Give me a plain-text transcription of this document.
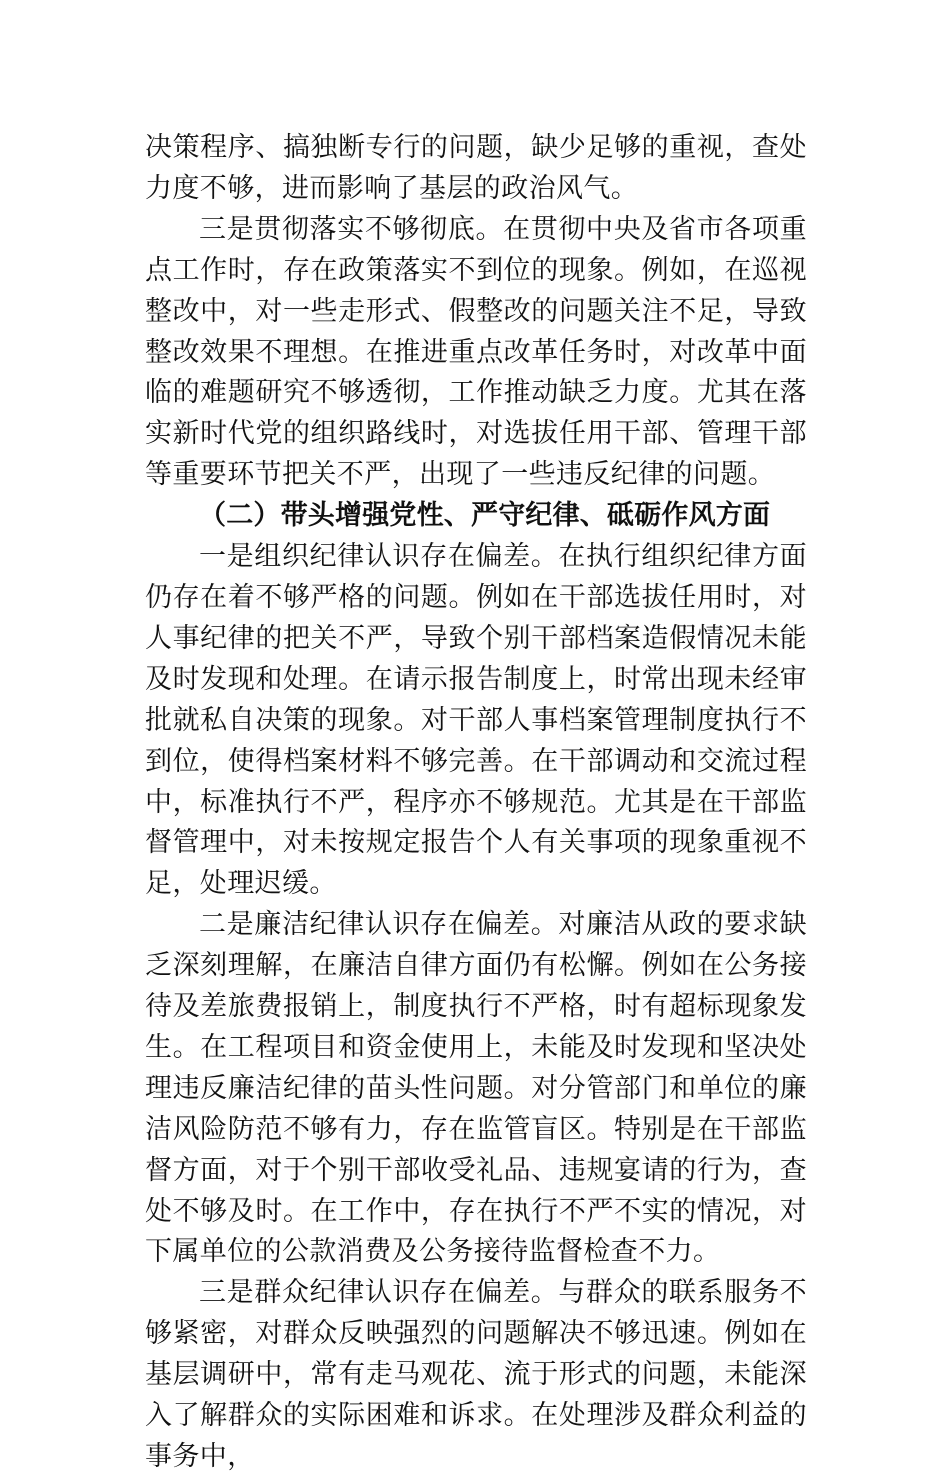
决策程序、搞独断专行的问题，缺少足够的重视，查处力度不够，进而影响了基层的政治风气。

三是贯彻落实不够彻底。在贯彻中央及省市各项重点工作时，存在政策落实不到位的现象。例如，在巡视整改中，对一些走形式、假整改的问题关注不足，导致整改效果不理想。在推进重点改革任务时，对改革中面临的难题研究不够透彻，工作推动缺乏力度。尤其在落实新时代党的组织路线时，对选拔任用干部、管理干部等重要环节把关不严，出现了一些违反纪律的问题。

（二）带头增强党性、严守纪律、砥砺作风方面

一是组织纪律认识存在偏差。在执行组织纪律方面仍存在着不够严格的问题。例如在干部选拔任用时，对人事纪律的把关不严，导致个别干部档案造假情况未能及时发现和处理。在请示报告制度上，时常出现未经审批就私自决策的现象。对干部人事档案管理制度执行不到位，使得档案材料不够完善。在干部调动和交流过程中，标准执行不严，程序亦不够规范。尤其是在干部监督管理中，对未按规定报告个人有关事项的现象重视不足，处理迟缓。

二是廉洁纪律认识存在偏差。对廉洁从政的要求缺乏深刻理解，在廉洁自律方面仍有松懈。例如在公务接待及差旅费报销上，制度执行不严格，时有超标现象发生。在工程项目和资金使用上，未能及时发现和坚决处理违反廉洁纪律的苗头性问题。对分管部门和单位的廉洁风险防范不够有力，存在监管盲区。特别是在干部监督方面，对于个别干部收受礼品、违规宴请的行为，查处不够及时。在工作中，存在执行不严不实的情况，对下属单位的公款消费及公务接待监督检查不力。

三是群众纪律认识存在偏差。与群众的联系服务不够紧密，对群众反映强烈的问题解决不够迅速。例如在基层调研中，常有走马观花、流于形式的问题，未能深入了解群众的实际困难和诉求。在处理涉及群众利益的事务中，
